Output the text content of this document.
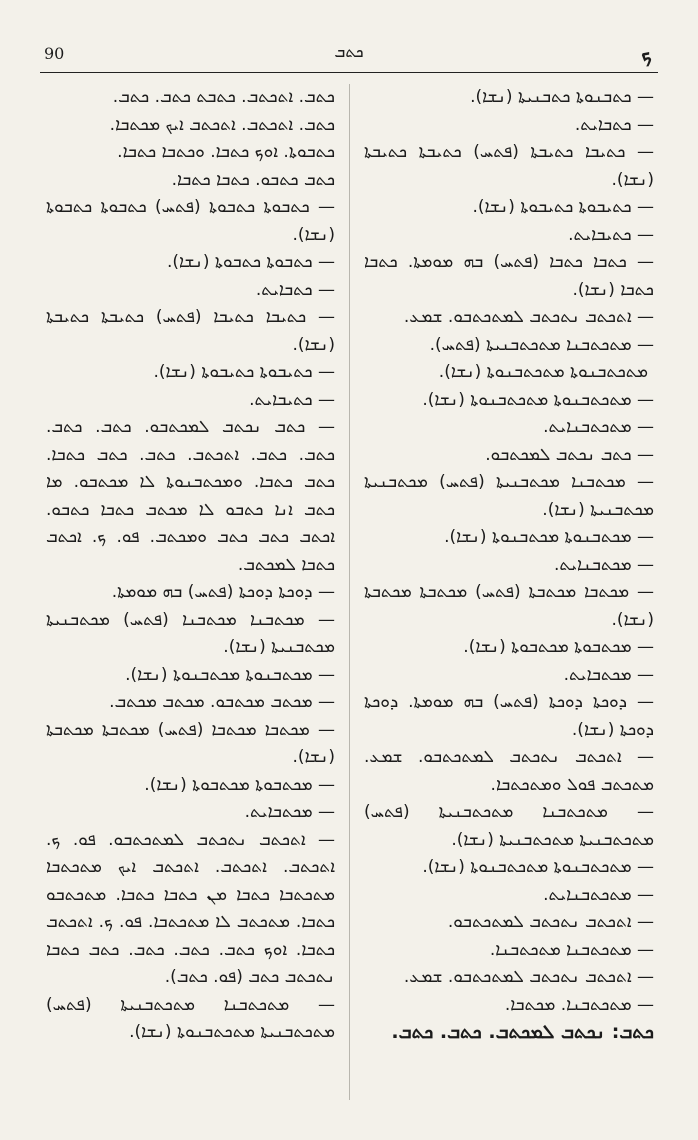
90	ܟܬܒ	ܟ

— ܟܬܒܢܘܬܐ ܟܬܒܢܝܬܐ (ܢܫܐ).

— ܟܬܒܐܝܬ.

— ܟܬܝܒܐ ܟܬܝܒܬܐ (ܦܬܚ) ܟܬܝܒܬܐ ܟܬܝܒܬܐ (ܢܫܐ).

— ܟܬܝܒܘܬܐ ܟܬܝܒܘܬܐ (ܢܫܐ).

— ܟܬܝܒܐܝܬ.

— ܟܬܒܐ ܟܬܒܐ (ܦܬܚ) ܒܗ ܡܘܡܬܐ. ܟܬܒܐ ܟܬܒܐ (ܢܫܐ).

— ܐܬܟܬܒ ܢܬܟܬܒ ܠܡܬܟܬܒܘ. ܫܡܥ.

— ܡܬܟܬܒܢܐ ܡܬܟܬܒܢܝܬܐ (ܦܬܚ).

ܡܬܟܬܒܢܘܬܐ ܡܬܟܬܒܢܘܬܐ (ܢܫܐ).

— ܡܬܟܬܒܢܘܬܐ ܡܬܟܬܒܢܘܬܐ (ܢܫܐ).

— ܡܬܟܬܒܢܐܝܬ.

— ܟܬܒ ܢܟܬܒ ܠܡܟܬܒܘ.

— ܡܟܬܒܢܐ ܡܟܬܒܢܝܬܐ (ܦܬܚ) ܡܟܬܒܢܝܬܐ ܡܟܬܒܢܝܬܐ (ܢܫܐ).

— ܡܟܬܒܢܘܬܐ ܡܟܬܒܢܘܬܐ (ܢܫܐ).

— ܡܟܬܒܢܐܝܬ.

— ܡܟܬܒܐ ܡܟܬܒܬܐ (ܦܬܚ) ܡܟܬܒܬܐ ܡܟܬܒܬܐ (ܢܫܐ).

— ܡܟܬܒܘܬܐ ܡܟܬܒܘܬܐ (ܢܫܐ).

— ܡܟܬܒܐܝܬ.

— ܕܘܟܬܐ ܕܘܟܬܐ (ܦܬܚ) ܒܗ ܡܘܡܬܐ. ܕܘܟܬܐ ܕܘܟܬܐ (ܢܫܐ).

— ܐܬܟܬܒ ܢܬܟܬܒ ܠܡܬܟܬܒܘ. ܫܡܥ. ܡܬܟܬܒ ܦܘܠ ܘܡܬܟܬܒܐ.

— ܡܬܟܬܒܢܐ ܡܬܟܬܒܢܝܬܐ (ܦܬܚ) ܡܬܟܬܒܢܝܬܐ ܡܬܟܬܒܢܝܬܐ (ܢܫܐ).

— ܡܬܟܬܒܢܘܬܐ ܡܬܟܬܒܢܘܬܐ (ܢܫܐ).

— ܡܬܟܬܒܢܐܝܬ.

— ܐܬܟܬܒ ܢܬܟܬܒ ܠܡܬܟܬܒܘ.

— ܡܬܟܬܒܢܐ ܡܬܟܬܒܢܐ.

— ܐܬܟܬܒ ܢܬܟܬܒ ܠܡܬܟܬܒܘ. ܫܡܥ.

— ܡܬܟܬܒܢܐ. ܡܟܬܒܐ.

ܟܬܒ: ܢܟܬܒ ܠܡܟܬܒ. ܟܬܒ. ܟܬܒ.

ܟܬܒ. ܐܬܟܬܒ. ܟܬܒܬ ܟܬܒ. ܟܬܒ.

ܟܬܒ. ܐܬܟܬܒ. ܐܬܟܬܒ ܐܝܟ ܡܟܬܒܐ.

ܟܬܒܘܬܐ. ܐܘܟ ܟܬܒܐ. ܘܟܬܒܐ ܟܬܒܐ.

ܟܬܒ ܟܬܒܘ. ܟܬܒܐ ܟܬܒܐ.

— ܟܬܒܘܬܐ ܟܬܒܘܬܐ (ܦܬܚ) ܟܬܒܘܬܐ ܟܬܒܘܬܐ (ܢܫܐ).

— ܟܬܒܘܬܐ ܟܬܒܘܬܐ (ܢܫܐ).

— ܟܬܒܐܝܬ.

— ܟܬܝܒܐ ܟܬܝܒܐ (ܦܬܚ) ܟܬܝܒܬܐ ܟܬܝܒܬܐ (ܢܫܐ).

— ܟܬܝܒܘܬܐ ܟܬܝܒܘܬܐ (ܢܫܐ).

— ܟܬܝܒܐܝܬ.

— ܟܬܒ ܢܟܬܒ ܠܡܟܬܒܘ. ܟܬܒ. ܟܬܒ. ܟܬܒ. ܟܬܒ. ܐܬܟܬܒ. ܟܬܒ. ܟܬܒ ܟܬܒܐ. ܟܬܒ ܟܬܒܐ. ܘܡܟܬܒܢܘܬܐ ܠܐ ܡܟܬܒܘ. ܡܐ ܟܬܒ ܐܢܐ ܟܬܒܘ ܠܐ ܡܟܬܒ ܟܬܒܐ ܟܬܒܘ. ܐܟܬܒ ܟܬܒ ܟܬܒ ܘܡܟܬܒ. ܦܘ. ܟ. ܐܟܬܒ ܟܬܒܐ ܠܡܟܬܒ.

— ܕܘܟܬܐ ܕܘܟܬܐ (ܦܬܚ) ܒܗ ܡܘܡܬܐ.

— ܡܟܬܒܢܐ ܡܟܬܒܢܐ (ܦܬܚ) ܡܟܬܒܢܝܬܐ ܡܟܬܒܢܝܬܐ (ܢܫܐ).

— ܡܟܬܒܢܘܬܐ ܡܟܬܒܢܘܬܐ (ܢܫܐ).

— ܡܟܬܒ ܡܟܬܒܘ. ܡܟܬܒ ܡܟܬܒ.

— ܡܟܬܒܐ ܡܟܬܒܐ (ܦܬܚ) ܡܟܬܒܬܐ ܡܟܬܒܬܐ (ܢܫܐ).

— ܡܟܬܒܘܬܐ ܡܟܬܒܘܬܐ (ܢܫܐ).

— ܡܟܬܒܐܝܬ.

— ܐܬܟܬܒ ܢܬܟܬܒ ܠܡܬܟܬܒܘ. ܦܘ. ܟ. ܐܬܟܬܒ. ܐܬܟܬܒ. ܐܬܟܬܒ ܐܝܟ ܡܬܟܬܒܐ ܡܬܟܬܒܐ ܟܬܒܐ ܡܢ ܟܬܒܐ ܟܬܒܐ. ܡܬܟܬܒܘ ܟܬܒܐ. ܡܬܟܬܒ ܠܐ ܡܬܟܬܒܐ. ܦܘ. ܟ. ܐܬܟܬܒ ܟܬܒܐ. ܐܘܟ ܟܬܒ. ܟܬܒ. ܟܬܒ. ܟܬܒ ܟܬܒܐ ܢܬܟܬܒ ܟܬܒ (ܦܘ. ܟܬܒ).

— ܡܬܟܬܒܢܐ ܡܬܟܬܒܢܝܬܐ (ܦܬܚ) ܡܬܟܬܒܢܝܬܐ ܡܬܟܬܒܢܘܬܐ (ܢܫܐ).
